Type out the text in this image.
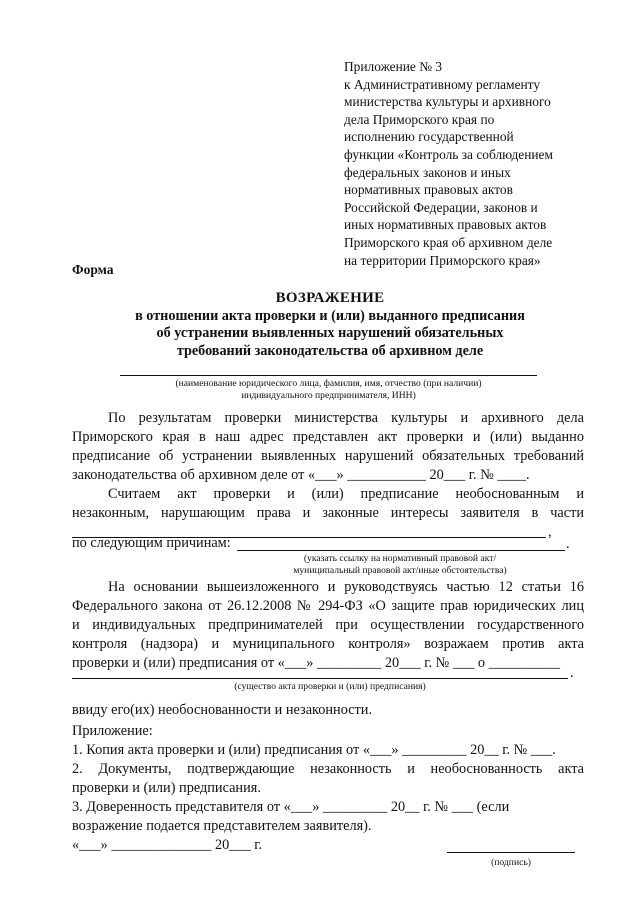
Приложение № 3
к Административному регламенту
министерства культуры и архивного
дела Приморского края по
исполнению государственной
функции «Контроль за соблюдением
федеральных законов и иных
нормативных правовых актов
Российской Федерации, законов и
иных нормативных правовых актов
Приморского края об архивном деле
на территории Приморского края»
Форма
ВОЗРАЖЕНИЕ
в отношении акта проверки и (или) выданного предписания
об устранении выявленных нарушений обязательных
требований законодательства об архивном деле
(наименование юридического лица, фамилия, имя, отчество (при наличии)
индивидуального предпринимателя, ИНН)
По результатам проверки министерства культуры и архивного дела
Приморского края в наш адрес представлен акт проверки и (или) выданно
предписание об устранении выявленных нарушений обязательных требований
законодательства об архивном деле от «___» ___________ 20___ г. № ____.
Считаем акт проверки и (или) предписание необоснованным и
незаконным, нарушающим права и законные интересы заявителя в части
,
по следующим причинам:	.
(указать ссылку на нормативный правовой акт/
муниципальный правовой акт/иные обстоятельства)
На основании вышеизложенного и руководствуясь частью 12 статьи 16
Федерального закона от 26.12.2008 № 294-ФЗ «О защите прав юридических лиц
и индивидуальных предпринимателей при осуществлении государственного
контроля (надзора) и муниципального контроля» возражаем против акта
проверки и (или) предписания от «___» _________ 20___ г. № ___ о __________
.
(существо акта проверки и (или) предписания)
ввиду его(их) необоснованности и незаконности.
Приложение:
1. Копия акта проверки и (или) предписания от «___» _________ 20__ г. № ___.
2. Документы, подтверждающие незаконность и необоснованность акта
проверки и (или) предписания.
3. Доверенность представителя от «___» _________ 20__ г. № ___ (если
возражение подается представителем заявителя).
«___» ______________ 20___ г.
(подпись)
